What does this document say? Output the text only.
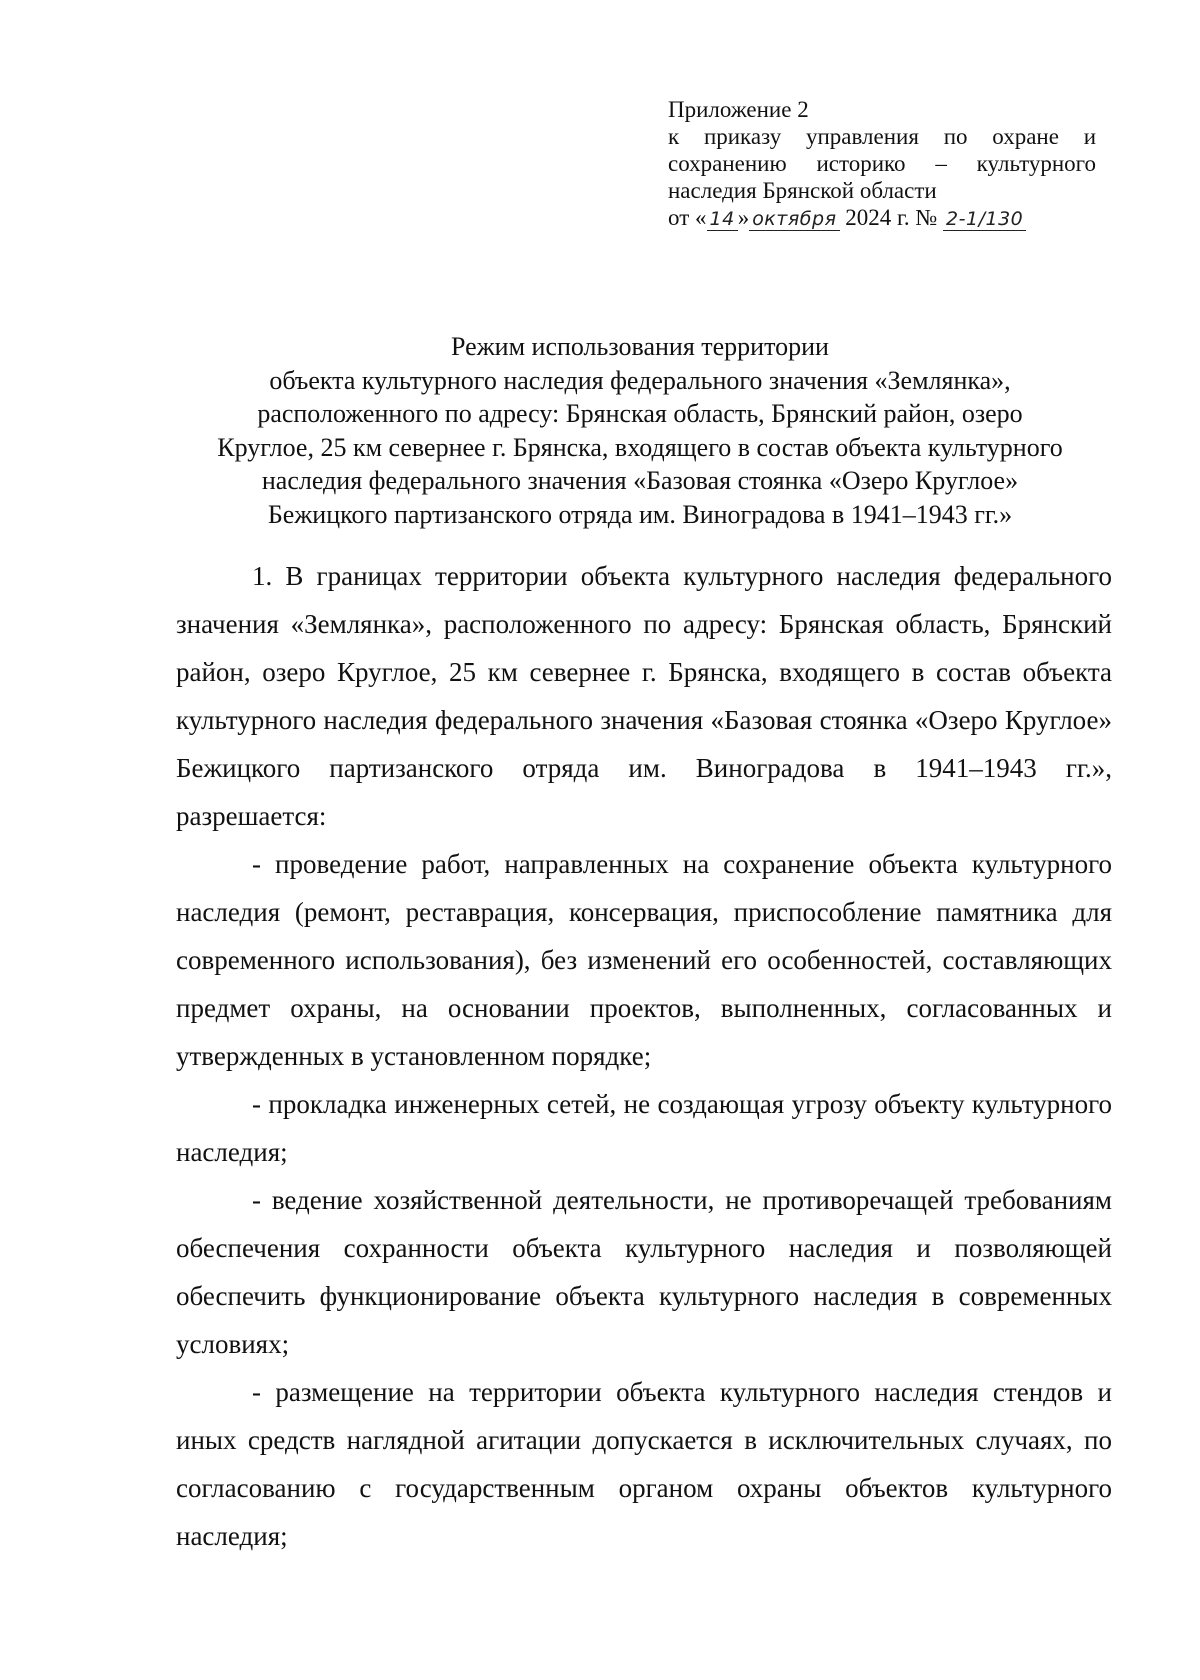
Приложение 2
к приказу управления по охране и
сохранению историко – культурного
наследия Брянской области
от « 14 » октября 2024 г. № 2-1/130
Режим использования территории
объекта культурного наследия федерального значения «Землянка»,
расположенного по адресу: Брянская область, Брянский район, озеро
Круглое, 25 км севернее г. Брянска, входящего в состав объекта культурного
наследия федерального значения «Базовая стоянка «Озеро Круглое»
Бежицкого партизанского отряда им. Виноградова в 1941–1943 гг.»

1. В границах территории объекта культурного наследия федерального значения «Землянка», расположенного по адресу: Брянская область, Брянский район, озеро Круглое, 25 км севернее г. Брянска, входящего в состав объекта культурного наследия федерального значения «Базовая стоянка «Озеро Круглое» Бежицкого партизанского отряда им. Виноградова в 1941–1943 гг.», разрешается:

- проведение работ, направленных на сохранение объекта культурного наследия (ремонт, реставрация, консервация, приспособление памятника для современного использования), без изменений его особенностей, составляющих предмет охраны, на основании проектов, выполненных, согласованных и утвержденных в установленном порядке;

- прокладка инженерных сетей, не создающая угрозу объекту культурного наследия;

- ведение хозяйственной деятельности, не противоречащей требованиям обеспечения сохранности объекта культурного наследия и позволяющей обеспечить функционирование объекта культурного наследия в современных условиях;

- размещение на территории объекта культурного наследия стендов и иных средств наглядной агитации допускается в исключительных случаях, по согласованию с государственным органом охраны объектов культурного наследия;
